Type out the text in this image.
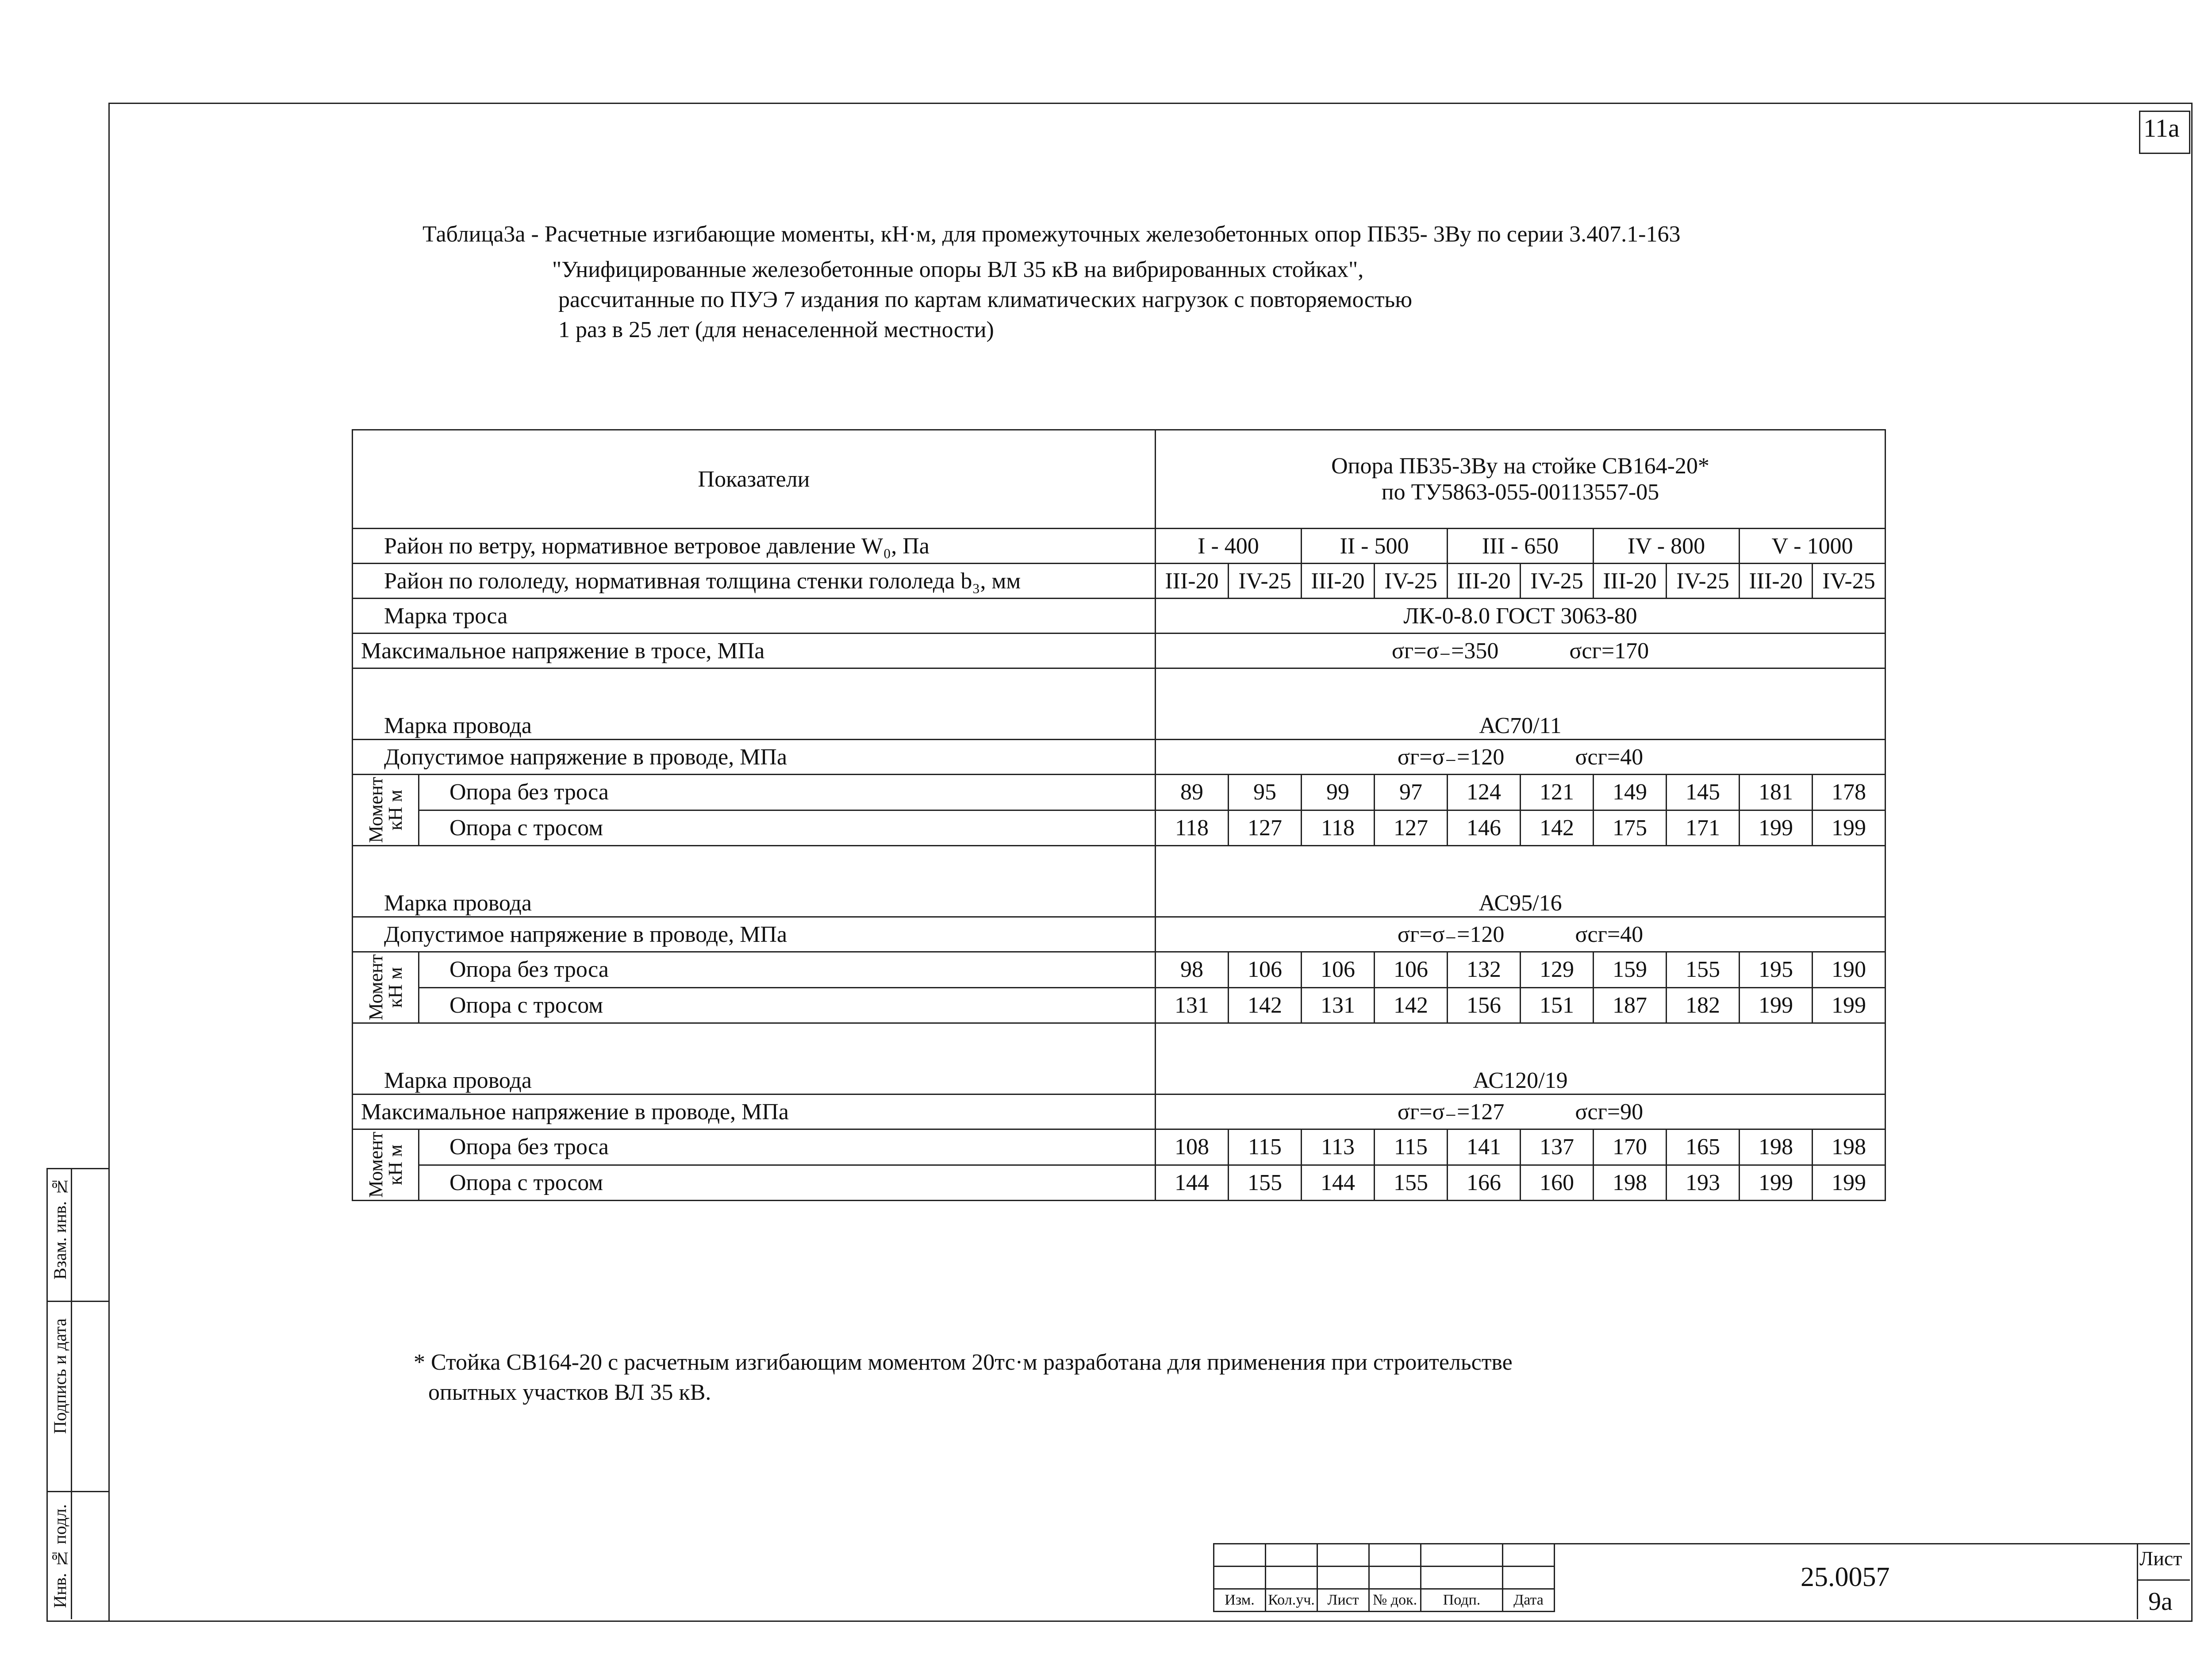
11а
Таблица3а - Расчетные изгибающие моменты, кН·м, для промежуточных железобетонных опор ПБ35- 3Ву по серии 3.407.1-163
"Унифицированные железобетонные опоры ВЛ 35 кВ на вибрированных стойках",
рассчитанные по ПУЭ 7 издания по картам климатических нагрузок с повторяемостью
1 раз в 25 лет (для ненаселенной местности)
Показатели		Опора ПБ35-3Ву на стойке СВ164-20*
по ТУ5863-055-00113557-05									

Район по ветру, нормативное ветровое давление W₀, Па		I - 400		II - 500		III - 650		IV - 800		V - 1000	
Район по гололеду, нормативная толщина стенки гололеда b₃, мм		III-20	IV-25	III-20	IV-25	III-20	IV-25	III-20	IV-25	III-20	IV-25
Марка троса		ЛК-0-8.0 ГОСТ 3063-80									
Максимальное напряжение в тросе, МПа		σг=σ₋=350 σсг=170									
Марка провода		АС70/11									
Допустимое напряжение в проводе, МПа		σг=σ₋=120 σсг=40									

Момент
кН м	Опора без троса	89	95	99	97	124	121	149	145	181	178
	Опора с тросом	118	127	118	127	146	142	175	171	199	199
Марка провода		АС95/16									
Допустимое напряжение в проводе, МПа		σг=σ₋=120 σсг=40									

Момент
кН м	Опора без троса	98	106	106	106	132	129	159	155	195	190
	Опора с тросом	131	142	131	142	156	151	187	182	199	199
Марка провода		АС120/19									
Максимальное напряжение в проводе, МПа		σг=σ₋=127 σсг=90									

Момент
кН м	Опора без троса	108	115	113	115	141	137	170	165	198	198
	Опора с тросом	144	155	144	155	166	160	198	193	199	199
* Стойка СВ164-20 с расчетным изгибающим моментом 20тс·м разработана для применения при строительстве
опытных участков ВЛ 35 кВ.

Изм.	Кол.уч.	Лист	№ док.	Подп.	Дата
25.0057
Лист
9а
Взам. инв. №
Подпись и дата
Инв. № подл.
